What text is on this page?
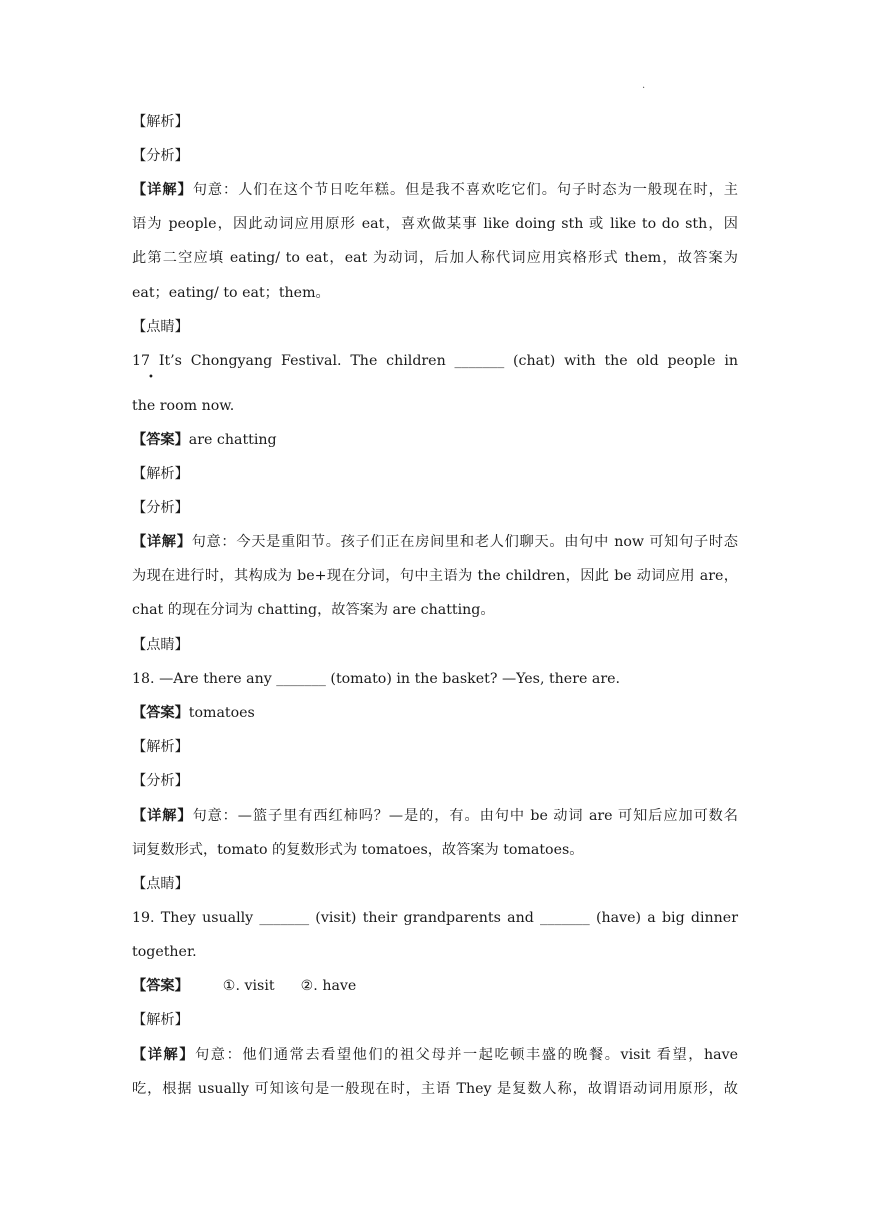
.
【解析】
【分析】
【详解】句意：人们在这个节日吃年糕。但是我不喜欢吃它们。句子时态为一般现在时，主
语为 people，因此动词应用原形 eat，喜欢做某事 like doing sth 或 like to do sth，因
此第二空应填 eating/ to eat，eat 为动词，后加人称代词应用宾格形式 them，故答案为
eat；eating/ to eat；them。
【点睛】
17 It’s Chongyang Festival. The children _______ (chat) with the old people in
•
the room now.
【答案】are chatting
【解析】
【分析】
【详解】句意：今天是重阳节。孩子们正在房间里和老人们聊天。由句中 now 可知句子时态
为现在进行时，其构成为 be+现在分词，句中主语为 the children，因此 be 动词应用 are，
chat 的现在分词为 chatting，故答案为 are chatting。
【点睛】
18. —Are there any _______ (tomato) in the basket? —Yes, there are.
【答案】tomatoes
【解析】
【分析】
【详解】句意：—篮子里有西红柿吗？—是的，有。由句中 be 动词 are 可知后应加可数名
词复数形式，tomato 的复数形式为 tomatoes，故答案为 tomatoes。
【点睛】
19. They usually _______ (visit) their grandparents and _______ (have) a big dinner
together.
【答案】 ①. visit ②. have
【解析】
【详解】句意：他们通常去看望他们的祖父母并一起吃顿丰盛的晚餐。visit 看望，have
吃，根据 usually 可知该句是一般现在时，主语 They 是复数人称，故谓语动词用原形，故
